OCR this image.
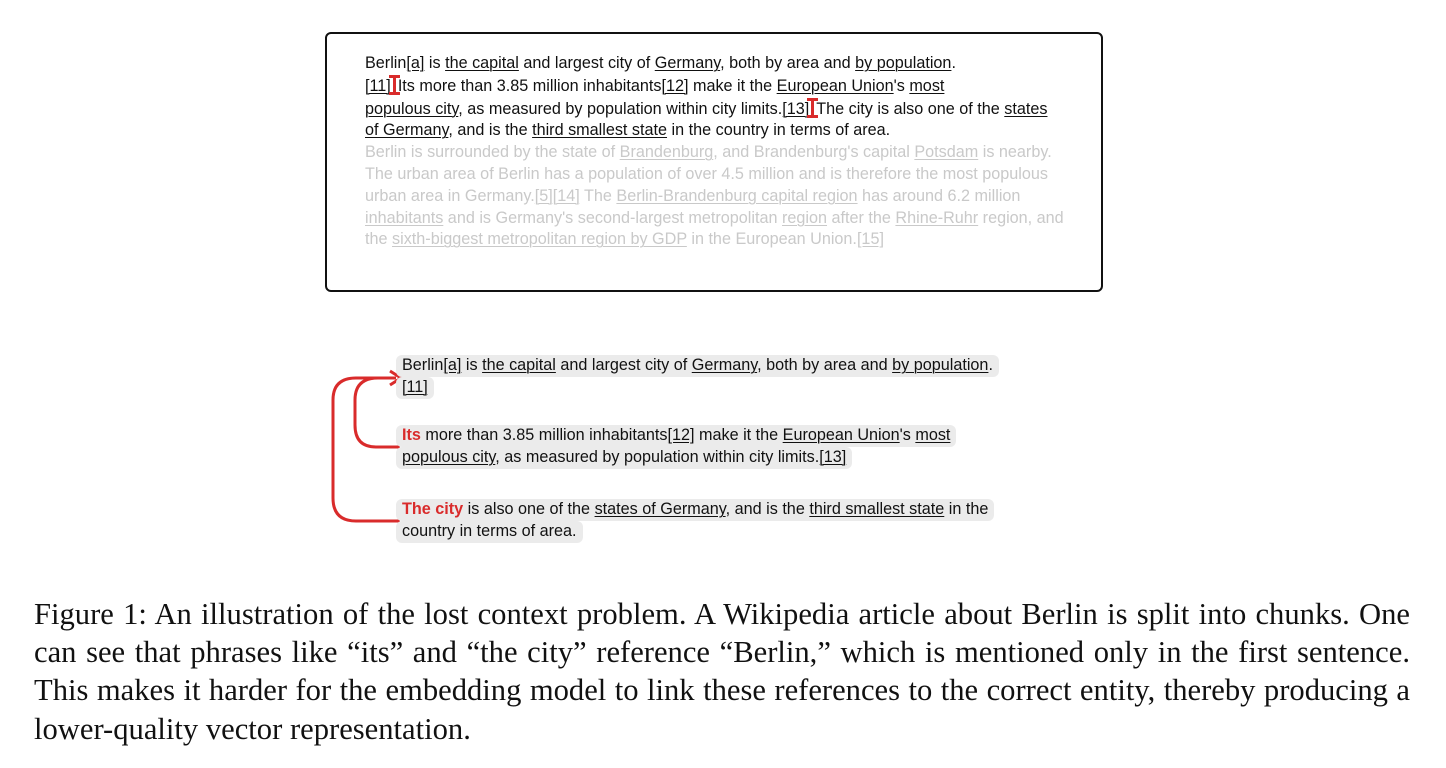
Berlin[a] is the capital and largest city of Germany, both by area and by population.
[11] Its more than 3.85 million inhabitants[12] make it the European Union's most
populous city, as measured by population within city limits.[13] The city is also one of the states of Germany, and is the third smallest state in the country in terms of area.
Berlin is surrounded by the state of Brandenburg, and Brandenburg's capital Potsdam is nearby. The urban area of Berlin has a population of over 4.5 million and is therefore the most populous urban area in Germany.[5][14] The Berlin-Brandenburg capital region has around 6.2 million inhabitants and is Germany's second-largest metropolitan region after the Rhine-Ruhr region, and the sixth-biggest metropolitan region by GDP in the European Union.[15]
Berlin[a] is the capital and largest city of Germany, both by area and by population.
[11]
Its more than 3.85 million inhabitants[12] make it the European Union's most
populous city, as measured by population within city limits.[13]
The city is also one of the states of Germany, and is the third smallest state in the
country in terms of area.
Figure 1: An illustration of the lost context problem. A Wikipedia article about Berlin is split into chunks. One can see that phrases like “its” and “the city” reference “Berlin,” which is mentioned only in the first sentence. This makes it harder for the embedding model to link these references to the correct entity, thereby producing a lower-quality vector representation.
